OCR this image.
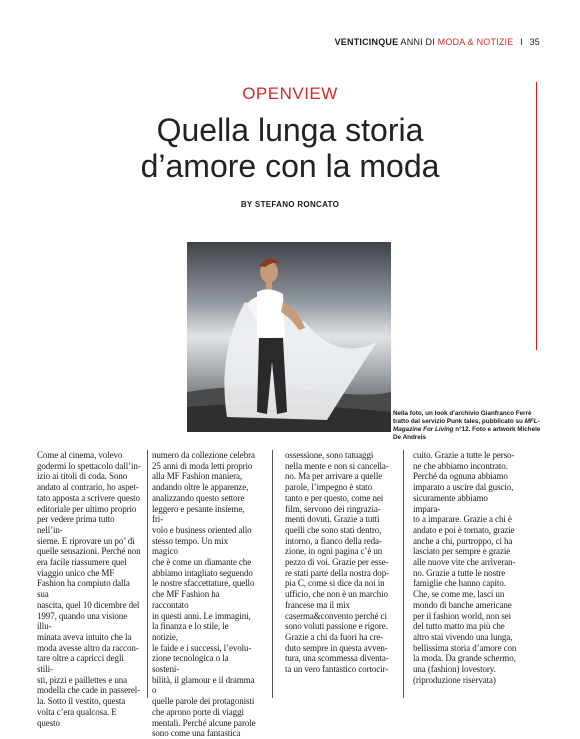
VENTICINQUE ANNI DI MODA & NOTIZIE I 35
OPENVIEW
Quella lunga storia
d’amore con la moda
BY STEFANO RONCATO
Nella foto, un look d’archivio Gianfranco Ferrè tratto dal servizio Punk tales, pubblicato su MFL-Magazine For Living n°12. Foto e artwork Michele De Andreis
Come al cinema, volevo
godermi lo spettacolo dall’in-
izio ai titoli di coda. Sono
andato al contrario, ho aspet-
tato apposta a scrivere questo
editoriale per ultimo proprio
per vedere prima tutto nell’in-
sieme. E riprovare un po’ di
quelle sensazioni. Perché non
era facile riassumere quel
viaggio unico che MF
Fashion ha compiuto dalla sua
nascita, quel 10 dicembre del
1997, quando una visione illu-
minata aveva intuito che la
moda avesse altro da raccon-
tare oltre a capricci degli stili-
sti, pizzi e paillettes e una
modella che cade in passerel-
la. Sotto il vestito, questa
volta c’era qualcosa. E questo
numero da collezione celebra
25 anni di moda letti proprio
alla MF Fashion maniera,
andando oltre le apparenze,
analizzando questo settore
leggero e pesante insieme, fri-
volo e business oriented allo
stesso tempo. Un mix magico
che è come un diamante che
abbiamo intagliato seguendo
le nostre sfaccettature, quello
che MF Fashion ha raccontato
in questi anni. Le immagini,
la finanza e lo stile, le notizie,
le faide e i successi, l’evolu-
zione tecnologica o la sosteni-
bilità, il glamour e il dramma o
quelle parole dei protagonisti
che aprono porte di viaggi
mentali. Perché alcune parole
sono come una fantastica
ossessione, sono tatuaggi
nella mente e non si cancella-
no. Ma per arrivare a quelle
parole, l’impegno è stato
tanto e per questo, come nei
film, servono dei ringrazia-
menti dovuti. Grazie a tutti
quelli che sono stati dentro,
intorno, a fianco della reda-
zione, in ogni pagina c’è un
pezzo di voi. Grazie per esse-
re stati parte della nostra dop-
pia C, come si dice da noi in
ufficio, che non è un marchio
francese ma il mix
caserma&convento perché ci
sono voluti passione e rigore.
Grazie a chi da fuori ha cre-
duto sempre in questa avven-
tura, una scommessa diventa-
ta un vero fantastico cortocir-
cuito. Grazie a tutte le perso-
ne che abbiamo incontrato.
Perché da ognuna abbiamo
imparato a uscire dal guscio,
sicuramente abbiamo impara-
to a imparare. Grazie a chi è
andato e poi è tornato, grazie
anche a chi, purtroppo, ci ha
lasciato per sempre e grazie
alle nuove vite che arriveran-
no. Grazie a tutte le nostre
famiglie che hanno capito.
Che, se come me, lasci un
mondo di banche americane
per il fashion world, non sei
del tutto matto ma più che
altro stai vivendo una lunga,
bellissima storia d’amore con
la moda. Da grande schermo,
una (fashion) lovestory.
(riproduzione riservata)
